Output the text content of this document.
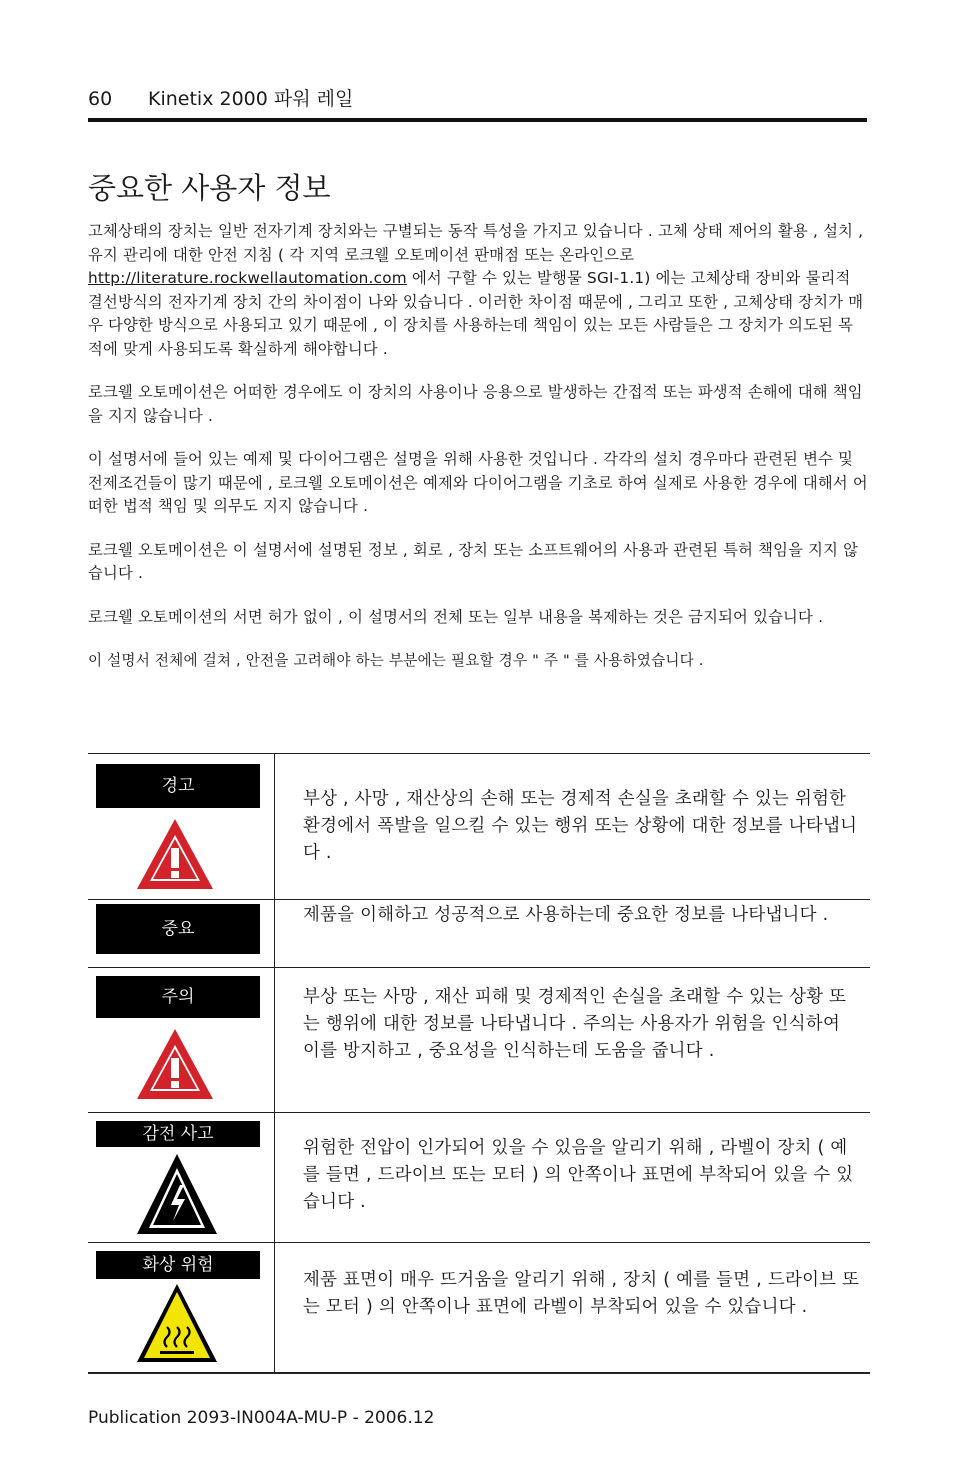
60 Kinetix 2000 파워 레일
중요한 사용자 정보

고체상태의 장치는 일반 전자기계 장치와는 구별되는 동작 특성을 가지고 있습니다 . 고체 상태 제어의 활용 , 설치 , 유지 관리에 대한 안전 지침 ( 각 지역 로크웰 오토메이션 판매점 또는 온라인으로 http://literature.rockwellautomation.com 에서 구할 수 있는 발행물 SGI-1.1) 에는 고체상태 장비와 물리적 결선방식의 전자기계 장치 간의 차이점이 나와 있습니다 . 이러한 차이점 때문에 , 그리고 또한 , 고체상태 장치가 매우 다양한 방식으로 사용되고 있기 때문에 , 이 장치를 사용하는데 책임이 있는 모든 사람들은 그 장치가 의도된 목적에 맞게 사용되도록 확실하게 해야합니다 .

로크웰 오토메이션은 어떠한 경우에도 이 장치의 사용이나 응용으로 발생하는 간접적 또는 파생적 손해에 대해 책임을 지지 않습니다 .

이 설명서에 들어 있는 예제 및 다이어그램은 설명을 위해 사용한 것입니다 . 각각의 설치 경우마다 관련된 변수 및 전제조건들이 많기 때문에 , 로크웰 오토메이션은 예제와 다이어그램을 기초로 하여 실제로 사용한 경우에 대해서 어떠한 법적 책임 및 의무도 지지 않습니다 .

로크웰 오토메이션은 이 설명서에 설명된 정보 , 회로 , 장치 또는 소프트웨어의 사용과 관련된 특허 책임을 지지 않습니다 .

로크웰 오토메이션의 서면 허가 없이 , 이 설명서의 전체 또는 일부 내용을 복제하는 것은 금지되어 있습니다 .

이 설명서 전체에 걸쳐 , 안전을 고려해야 하는 부분에는 필요할 경우 " 주 " 를 사용하였습니다 .

경고	부상 , 사망 , 재산상의 손해 또는 경제적 손실을 초래할 수 있는 위험한 환경에서 폭발을 일으킬 수 있는 행위 또는 상황에 대한 정보를 나타냅니다 .

중요	제품을 이해하고 성공적으로 사용하는데 중요한 정보를 나타냅니다 .

주의	부상 또는 사망 , 재산 피해 및 경제적인 손실을 초래할 수 있는 상황 또는 행위에 대한 정보를 나타냅니다 . 주의는 사용자가 위험을 인식하여 이를 방지하고 , 중요성을 인식하는데 도움을 줍니다 .

감전 사고	위험한 전압이 인가되어 있을 수 있음을 알리기 위해 , 라벨이 장치 ( 예를 들면 , 드라이브 또는 모터 ) 의 안쪽이나 표면에 부착되어 있을 수 있습니다 .

화상 위험	제품 표면이 매우 뜨거움을 알리기 위해 , 장치 ( 예를 들면 , 드라이브 또는 모터 ) 의 안쪽이나 표면에 라벨이 부착되어 있을 수 있습니다 .
Publication 2093-IN004A-MU-P - 2006.12
